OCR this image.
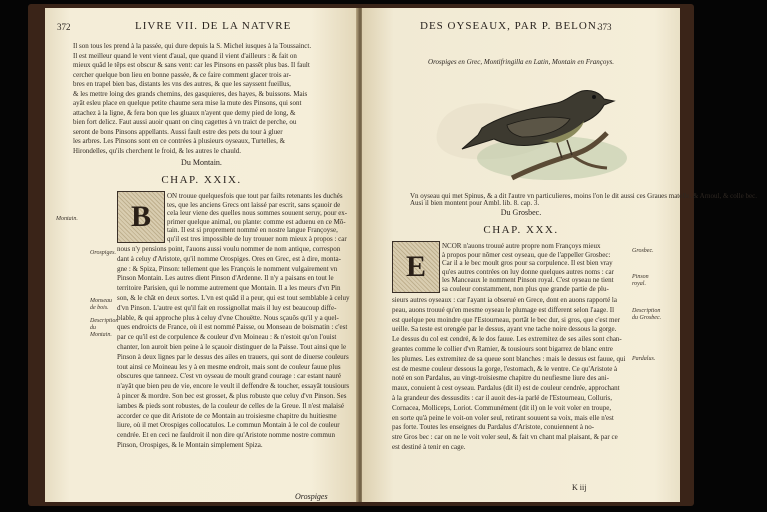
372	LIVRE VII. DE LA NATVRE
Il son tous les prend à la passée, qui dure depuis la S. Michel iusques à la Toussainct.
Il est meilleur quand le vent vient d'aual, que quand il vient d'ailleurs : & fait on
mieux quād le tēps est obscur & sans vent: car les Pinsons en passēt plus bas. Il fault
cercher quelque bon lieu en bonne passée, & ce faire comment glacer trois ar-
bres en trapel bien bas, distants les vns des autres, & que les sayssent fueillus,
& les mettre loing des grands chemins, des gasquieres, des hayes, & buissons. Mais
ayāt esleu place en quelque petite chaume sera mise la mute des Pinsons, qui sont
attachez à la ligne, & fera bon que les gluaux n'ayent que demy pied de long, &
bien fort delicz. Faut aussi auoir quant on cinq cagettes à vn traict de perche, ou
seront de bons Pinsons appellants. Aussi fault estre des pets du tour à gluer
les arbres. Les Pinsons sont en ce contrées à plusieurs oyseaux, Turtelles, &
Hirondelles, qu'ils cherchent le froid, & les autres le chauld.
Du Montain.
CHAP. XXIX.
B
ON trouue quelquesfois que tout par failts retenants les duchés
tes, que les anciens Grecs ont laissé par escrit, sans sçauoir de
cela leur viene des quelles nous sommes souuent seruy, pour ex-
primer quelque animal, ou plante: comme est aduenu en ce Mō-
tain. Il est si proprement nommé en nostre langue Françoyse,
qu'il est tres impossible de luy trouuer nom mieux à propos : car
nous n'y pensions point, l'auons aussi voulu nommer de nom antique, correspon
dant à celuy d'Aristote, qu'il nomme Orospiges. Ores en Grec, est à dire, monta-
gne : & Spiza, Pinson: tellement que les François le nomment vulgairement vn
Pinson Montain. Les autres dient Pinson d'Ardenne. Il n'y a paisans en tout le
territoire Parisien, qui le nomme autrement que Montain. Il a les meurs d'vn Pin
son, & le chāt en deux sortes. L'vn est quād il a peur, qui est tout semblable à celuy
d'vn Pinson. L'autre est qu'il fait en rossignollat mais il luy est beaucoup diffe-
blable, & qui approche plus à celuy d'vne Chouëtte. Nous sçauōs qu'il y a quel-
ques endroicts de France, où il est nommé Paisse, ou Monseau de boismatin : c'est
par ce qu'il est de corpulence & couleur d'vn Moineau : & n'estoit qu'on l'ouist
chanter, lon auroit bien peine à le sçauoir distinguer de la Paisse. Tout ainsi que le
Pinson à deux lignes par le dessus des ailes en trauers, qui sont de diuerse couleurs
tout ainsi ce Moineau les y à en mesme endroit, mais sont de couleur fauue plus
obscures que tanneez. C'est vn oyseau de moult grand courage : car estant nauré
n'ayāt que bien peu de vie, encore le veult il deffendre & toucher, essayāt tousiours
à pincer & mordre. Son bec est grosset, & plus robuste que celuy d'vn Pinson. Ses
iambes & pieds sont robustes, de la couleur de celles de la Greue. Il n'est malaisé
accorder ce que dit Aristote de ce Montain au troisiesme chapitre du huitiesme
liure, où il met Orospiges collocatulos. Le commun Montain à le col de couleur
cendrée. Et en ceci ne fauldroit il non dire qu'Aristote nomme nostre commun
Pinson, Orospiges, & le Montain simplement Spiza.
Orospiges
Montain.
Orospiges.
Monseau de bois.
Description du Montain.
DES OYSEAUX, PAR P. BELON.
373
Orospiges en Grec, Montifringilla en Latin, Montain en Françoys.
Vn oyseau qui met Spinus, & a dit l'autre vn particulieres, moins l'on le dit aussi ces Graues matelle, & Arnoul, & colle bec.
Ausi il bien montent pour Ambl. lib. 8. cap. 3.
Du Grosbec.
CHAP. XXX.
E
NCOR n'auons trouué autre propre nom Françoys mieux
à propos pour nōmer cest oyseau, que de l'appeller Grosbec:
Car il a le bec moult gros pour sa corpulence. Il est bien vray
qu'es autres contrées on luy donne quelques autres noms : car
les Manceaux le nomment Pinson royal. C'est oyseau ne tient
sa couleur constamment, non plus que grande partie de plu-
sieurs autres oyseaux : car l'ayant ia obserué en Grece, dont en auons rapporté la
peau, auons trouué qu'en mesme oyseau le plumage est different selon l'aage. Il
est quelque peu moindre que l'Estourneau, portāt le bec dur, si gros, que c'est mer
ueille. Sa teste est orengée par le dessus, ayant vne tache noire dessous la gorge.
Le dessus du col est cendré, & le dos fauue. Les extremitez de ses ailes sont chan-
geantes comme le collier d'vn Ramier, & tousiours sont bigarrez de blanc entre
les plumes. Les extremitez de sa queue sont blanches : mais le dessus est fauue, qui
est de mesme couleur dessous la gorge, l'estomach, & le ventre. Ce qu'Aristote à
noté en son Pardalus, au vingt-troisiesme chapitre du neufiesme liure des ani-
maux, conuient à cest oyseau. Pardalus (dit il) est de couleur cendrée, approchant
à la grandeur des dessusdits : car il auoit des-ia parlé de l'Estourneau, Colluris,
Cornacea, Molliceps, Loriot. Communément (dit il) on le voit voler en troupe,
en sorte qu'à peine le voit-on voler seul, retirant souuent sa voix, mais elle n'est
pas forte. Toutes les enseignes du Pardalus d'Aristote, conuiennent à no-
stre Gros bec : car on ne le voit voler seul, & fait vn chant mal plaisant, & par ce
est destiné à tenir en cage.
K iij
Grosbec.
Pinson royal.
Description du Grosbec.
Pardalus.
